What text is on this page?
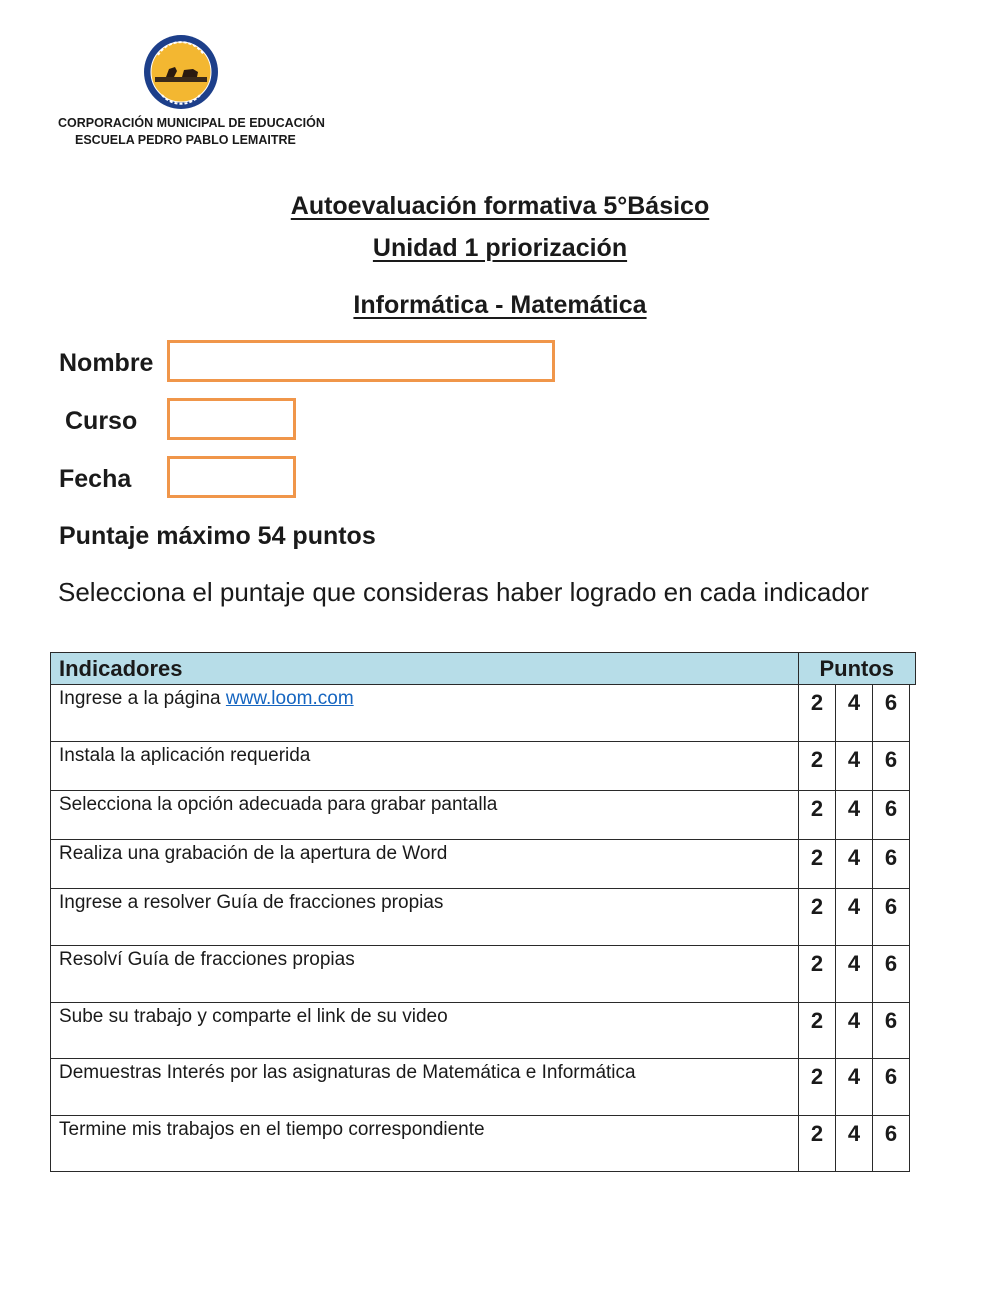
CORPORACIÓN MUNICIPAL DE EDUCACIÓN
ESCUELA PEDRO PABLO LEMAITRE
Autoevaluación formativa 5°Básico
Unidad 1 priorización
Informática - Matemática
Nombre
Curso
Fecha
Puntaje máximo 54 puntos
Selecciona el puntaje que consideras haber logrado en cada indicador
Indicadores	Puntos			
Ingrese a la página www.loom.com	2	4	6	
Instala la aplicación requerida	2	4	6	
Selecciona la opción adecuada para grabar pantalla	2	4	6	
Realiza una grabación de la apertura de Word	2	4	6	
Ingrese a resolver Guía de fracciones propias	2	4	6	
Resolví Guía de fracciones propias	2	4	6	
Sube su trabajo y comparte el link de su video	2	4	6	
Demuestras Interés por las asignaturas de Matemática e Informática	2	4	6	
Termine mis trabajos en el tiempo correspondiente	2	4	6	
